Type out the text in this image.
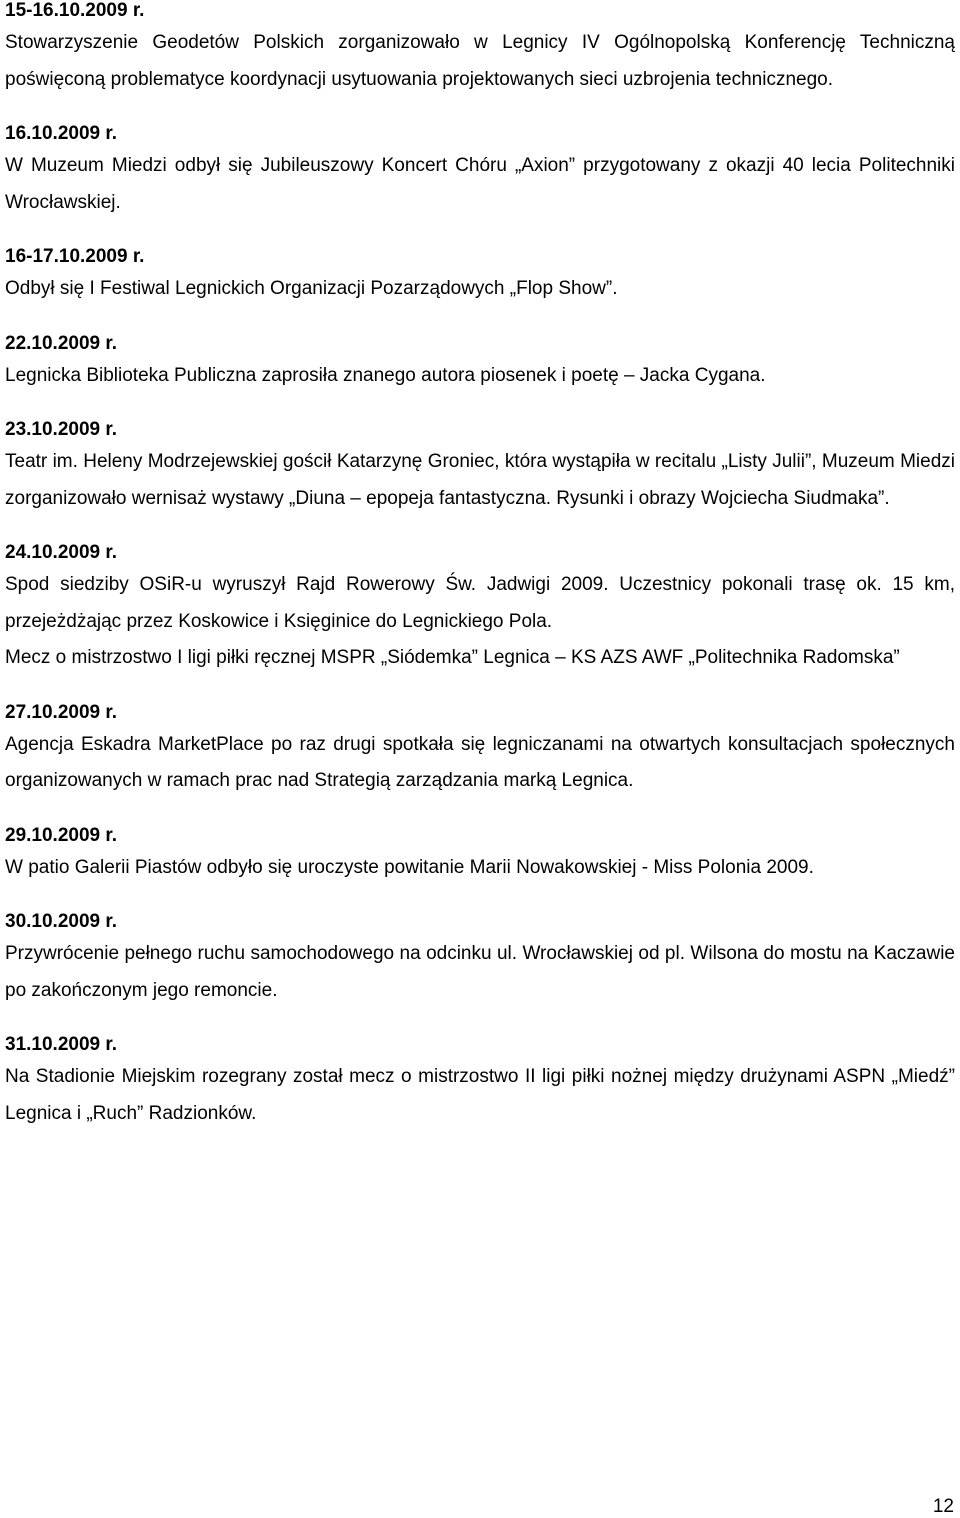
15-16.10.2009 r.

Stowarzyszenie Geodetów Polskich zorganizowało w Legnicy IV Ogólnopolską Konferencję Techniczną poświęconą problematyce koordynacji usytuowania projektowanych sieci uzbrojenia technicznego.

16.10.2009 r.

W Muzeum Miedzi odbył się Jubileuszowy Koncert Chóru „Axion” przygotowany z okazji 40 lecia Politechniki Wrocławskiej.

16-17.10.2009 r.

Odbył się I Festiwal Legnickich Organizacji Pozarządowych „Flop Show”.

22.10.2009 r.

Legnicka Biblioteka Publiczna zaprosiła znanego autora piosenek i poetę – Jacka Cygana.

23.10.2009 r.

Teatr im. Heleny Modrzejewskiej gościł Katarzynę Groniec, która wystąpiła w recitalu „Listy Julii”, Muzeum Miedzi zorganizowało wernisaż wystawy „Diuna – epopeja fantastyczna. Rysunki i obrazy Wojciecha Siudmaka”.

24.10.2009 r.

Spod siedziby OSiR-u wyruszył Rajd Rowerowy Św. Jadwigi 2009. Uczestnicy pokonali trasę ok. 15 km, przejeżdżając przez Koskowice i Księginice do Legnickiego Pola.

Mecz o mistrzostwo I ligi piłki ręcznej MSPR „Siódemka” Legnica – KS AZS AWF „Politechnika Radomska”

27.10.2009 r.

Agencja Eskadra MarketPlace po raz drugi spotkała się legniczanami na otwartych konsultacjach społecznych organizowanych w ramach prac nad Strategią zarządzania marką Legnica.

29.10.2009 r.

W patio Galerii Piastów odbyło się uroczyste powitanie Marii Nowakowskiej - Miss Polonia 2009.

30.10.2009 r.

Przywrócenie pełnego ruchu samochodowego na odcinku ul. Wrocławskiej od pl. Wilsona do mostu na Kaczawie po zakończonym jego remoncie.

31.10.2009 r.

Na Stadionie Miejskim rozegrany został mecz o mistrzostwo II ligi piłki nożnej między drużynami ASPN „Miedź” Legnica i „Ruch” Radzionków.

12
